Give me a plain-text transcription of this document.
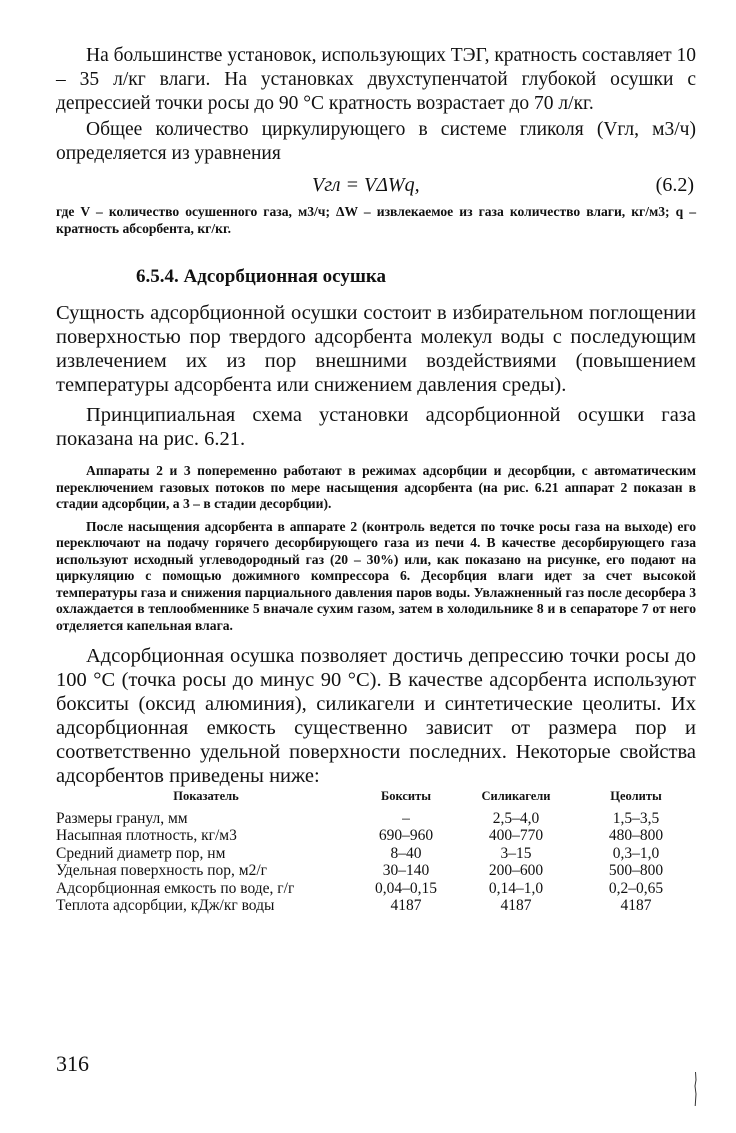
На большинстве установок, использующих ТЭГ, кратность составляет 10 – 35 л/кг влаги. На установках двухступенчатой глубокой осушки с депрессией точки росы до 90 °С кратность возрастает до 70 л/кг.

Общее количество циркулирующего в системе гликоля (Vгл, м3/ч) определяется из уравнения

Vгл = VΔWq,	(6.2)

где V – количество осушенного газа, м3/ч; ΔW – извлекаемое из газа количество влаги, кг/м3; q – кратность абсорбента, кг/кг.

6.5.4. Адсорбционная осушка

Сущность адсорбционной осушки состоит в избирательном поглощении поверхностью пор твердого адсорбента молекул воды с последующим извлечением их из пор внешними воздействиями (повышением температуры адсорбента или снижением давления среды).

Принципиальная схема установки адсорбционной осушки газа показана на рис. 6.21.

Аппараты 2 и 3 попеременно работают в режимах адсорбции и десорбции, с автоматическим переключением газовых потоков по мере насыщения адсорбента (на рис. 6.21 аппарат 2 показан в стадии адсорбции, а 3 – в стадии десорбции).

После насыщения адсорбента в аппарате 2 (контроль ведется по точке росы газа на выходе) его переключают на подачу горячего десорбирующего газа из печи 4. В качестве десорбирующего газа используют исходный углеводородный газ (20 – 30%) или, как показано на рисунке, его подают на циркуляцию с помощью дожимного компрессора 6. Десорбция влаги идет за счет высокой температуры газа и снижения парциального давления паров воды. Увлажненный газ после десорбера 3 охлаждается в теплообменнике 5 вначале сухим газом, затем в холодильнике 8 и в сепараторе 7 от него отделяется капельная влага.

Адсорбционная осушка позволяет достичь депрессию точки росы до 100 °С (точка росы до минус 90 °С). В качестве адсорбента используют бокситы (оксид алюминия), силикагели и синтетические цеолиты. Их адсорбционная емкость существенно зависит от размера пор и соответственно удельной поверхности последних. Некоторые свойства адсорбентов приведены ниже:

Показатель	Бокситы	Силикагели	Цеолиты
Размеры гранул, мм	–	2,5–4,0	1,5–3,5
Насыпная плотность, кг/м3	690–960	400–770	480–800
Средний диаметр пор, нм	8–40	3–15	0,3–1,0
Удельная поверхность пор, м2/г	30–140	200–600	500–800
Адсорбционная емкость по воде, г/г	0,04–0,15	0,14–1,0	0,2–0,65
Теплота адсорбции, кДж/кг воды	4187	4187	4187
316
